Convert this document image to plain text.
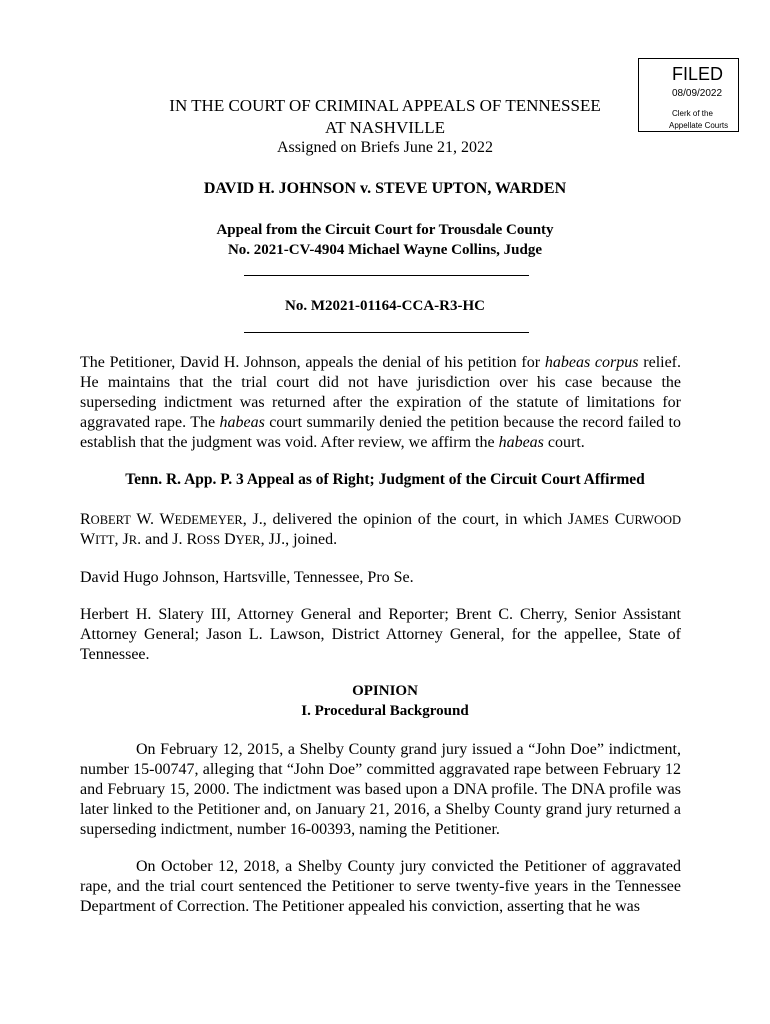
FILED
08/09/2022
Clerk of the
Appellate Courts
IN THE COURT OF CRIMINAL APPEALS OF TENNESSEE
AT NASHVILLE
Assigned on Briefs June 21, 2022
DAVID H. JOHNSON v. STEVE UPTON, WARDEN
Appeal from the Circuit Court for Trousdale County
No. 2021-CV-4904 Michael Wayne Collins, Judge
No. M2021-01164-CCA-R3-HC
The Petitioner, David H. Johnson, appeals the denial of his petition for habeas corpus relief. He maintains that the trial court did not have jurisdiction over his case because the superseding indictment was returned after the expiration of the statute of limitations for aggravated rape. The habeas court summarily denied the petition because the record failed to establish that the judgment was void. After review, we affirm the habeas court.
Tenn. R. App. P. 3 Appeal as of Right; Judgment of the Circuit Court Affirmed
ROBERT W. WEDEMEYER, J., delivered the opinion of the court, in which JAMES CURWOOD WITT, JR. and J. ROSS DYER, JJ., joined.
David Hugo Johnson, Hartsville, Tennessee, Pro Se.
Herbert H. Slatery III, Attorney General and Reporter; Brent C. Cherry, Senior Assistant Attorney General; Jason L. Lawson, District Attorney General, for the appellee, State of Tennessee.
OPINION
I. Procedural Background
On February 12, 2015, a Shelby County grand jury issued a “John Doe” indictment, number 15-00747, alleging that “John Doe” committed aggravated rape between February 12 and February 15, 2000. The indictment was based upon a DNA profile. The DNA profile was later linked to the Petitioner and, on January 21, 2016, a Shelby County grand jury returned a superseding indictment, number 16-00393, naming the Petitioner.
On October 12, 2018, a Shelby County jury convicted the Petitioner of aggravated rape, and the trial court sentenced the Petitioner to serve twenty-five years in the Tennessee Department of Correction. The Petitioner appealed his conviction, asserting that he was
